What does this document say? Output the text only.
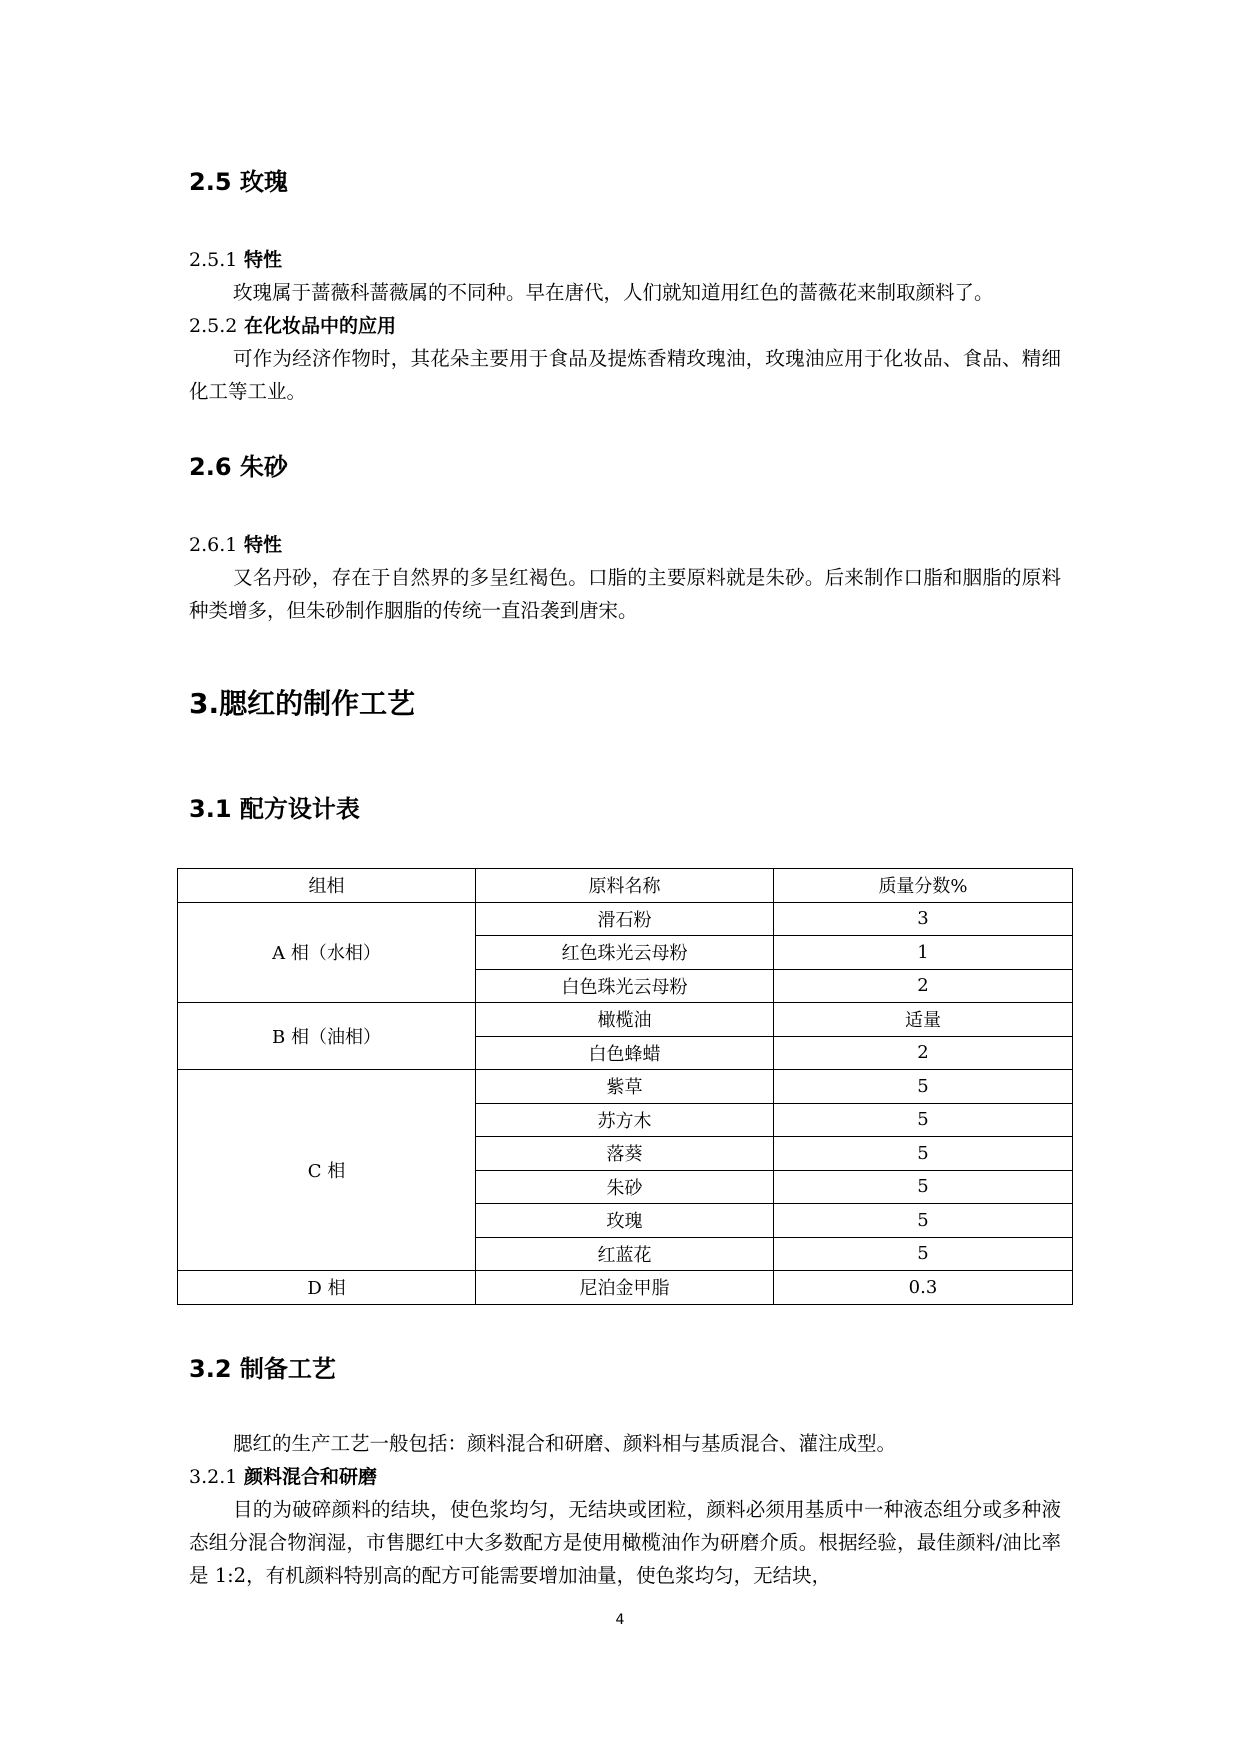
2.5 玫瑰
2.5.1 特性
玫瑰属于蔷薇科蔷薇属的不同种。早在唐代，人们就知道用红色的蔷薇花来制取颜料了。
2.5.2 在化妆品中的应用
可作为经济作物时，其花朵主要用于食品及提炼香精玫瑰油，玫瑰油应用于化妆品、食品、精细化工等工业。
2.6 朱砂
2.6.1 特性
又名丹砂，存在于自然界的多呈红褐色。口脂的主要原料就是朱砂。后来制作口脂和胭脂的原料种类增多，但朱砂制作胭脂的传统一直沿袭到唐宋。
3.腮红的制作工艺
3.1 配方设计表
组相	原料名称	质量分数%
A 相（水相）	滑石粉	3
	红色珠光云母粉	1
	白色珠光云母粉	2
B 相（油相）	橄榄油	适量
	白色蜂蜡	2
C 相	紫草	5
	苏方木	5
	落葵	5
	朱砂	5
	玫瑰	5
	红蓝花	5
D 相	尼泊金甲脂	0.3
3.2 制备工艺
腮红的生产工艺一般包括：颜料混合和研磨、颜料相与基质混合、灌注成型。
3.2.1 颜料混合和研磨
目的为破碎颜料的结块，使色浆均匀，无结块或团粒，颜料必须用基质中一种液态组分或多种液态组分混合物润湿，市售腮红中大多数配方是使用橄榄油作为研磨介质。根据经验，最佳颜料/油比率是 1:2，有机颜料特别高的配方可能需要增加油量，使色浆均匀，无结块，
4
